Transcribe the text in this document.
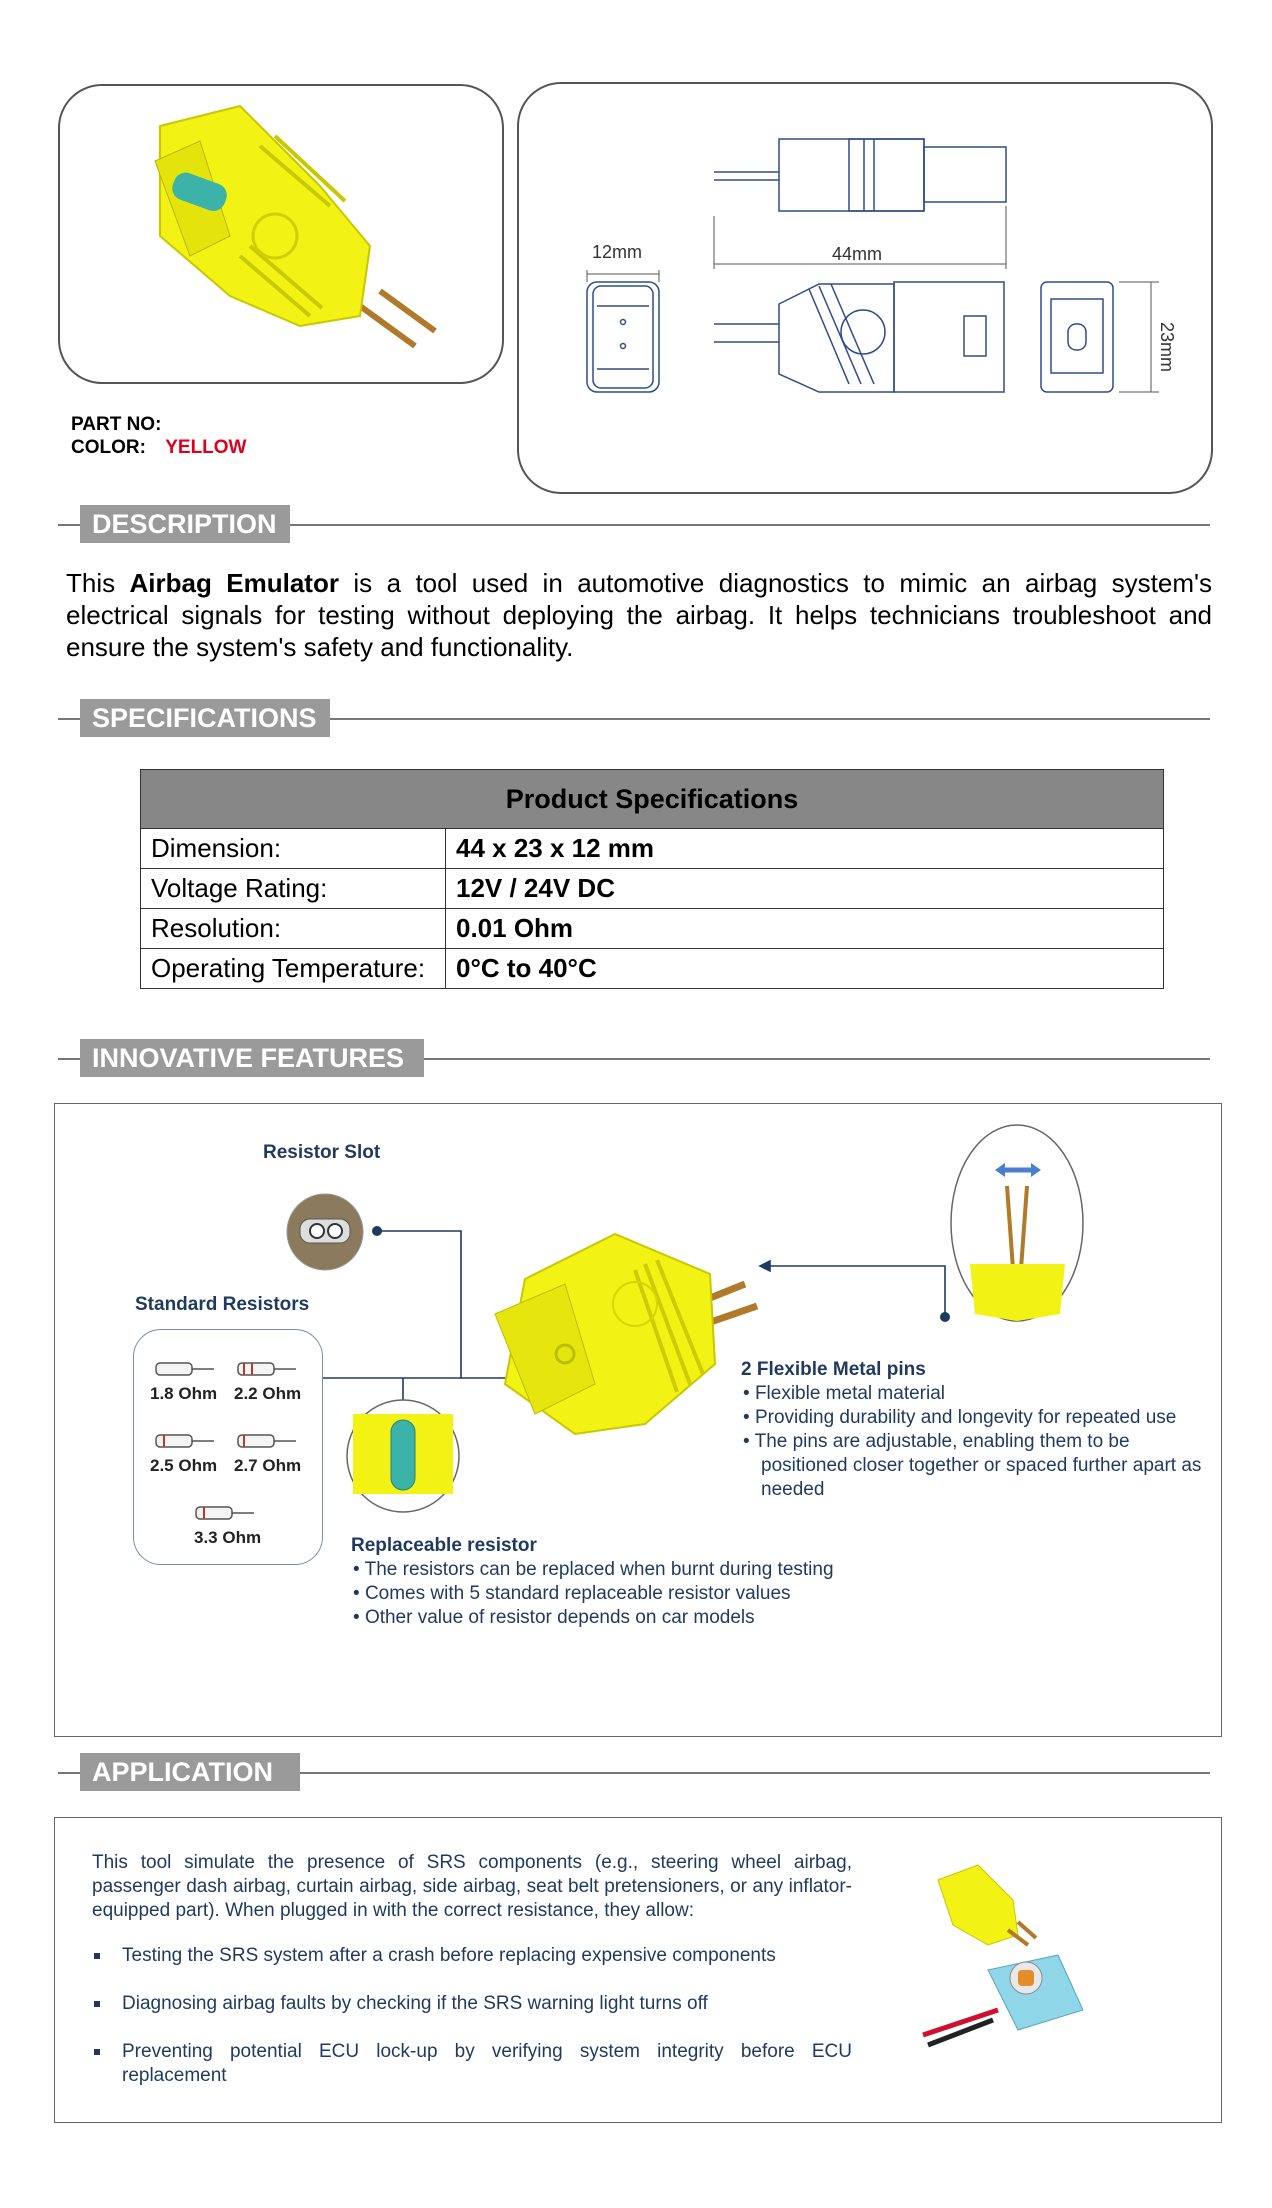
PART NO:
COLOR: YELLOW
12mm	44mm
23mm
DESCRIPTION
This Airbag Emulator is a tool used in automotive diagnostics to mimic an airbag system's electrical signals for testing without deploying the airbag. It helps technicians troubleshoot and ensure the system's safety and functionality.
SPECIFICATIONS
Product Specifications	
Dimension:	44 x 23 x 12 mm
Voltage Rating:	12V / 24V DC
Resolution:	0.01 Ohm
Operating Temperature:	0°C to 40°C
INNOVATIVE FEATURES
Resistor Slot
Standard Resistors
1.8 Ohm 2.2 Ohm
2.5 Ohm 2.7 Ohm
3.3 Ohm
2 Flexible Metal pins
• Flexible metal material
• Providing durability and longevity for repeated use
• The pins are adjustable, enabling them to be positioned closer together or spaced further apart as needed
Replaceable resistor
• The resistors can be replaced when burnt during testing
• Comes with 5 standard replaceable resistor values
• Other value of resistor depends on car models
APPLICATION
This tool simulate the presence of SRS components (e.g., steering wheel airbag, passenger dash airbag, curtain airbag, side airbag, seat belt pretensioners, or any inflator-equipped part). When plugged in with the correct resistance, they allow:
Testing the SRS system after a crash before replacing expensive components
Diagnosing airbag faults by checking if the SRS warning light turns off
Preventing potential ECU lock-up by verifying system integrity before ECU replacement
